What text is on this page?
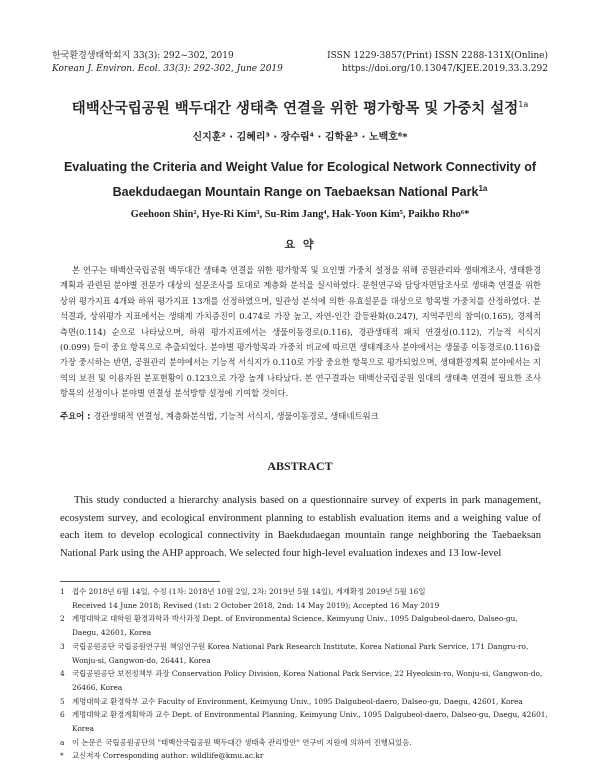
한국환경생태학회지 33(3): 292~302, 2019
Korean J. Environ. Ecol. 33(3): 292-302, June 2019
ISSN 1229-3857(Print) ISSN 2288-131X(Online)
https://doi.org/10.13047/KJEE.2019.33.3.292
태백산국립공원 백두대간 생태축 연결을 위한 평가항목 및 가중치 설정$^{1a}$
신지훈² · 김혜리³ · 장수림⁴ · 김학윤⁵ · 노백호⁶*
Evaluating the Criteria and Weight Value for Ecological Network Connectivity of
Baekdudaegan Mountain Range on Taebaeksan National Park$^{1a}$
Geehoon Shin², Hye-Ri Kim³, Su-Rim Jang⁴, Hak-Yoon Kim⁵, Paikho Rho⁶*
요 약

본 연구는 태백산국립공원 백두대간 생태축 연결을 위한 평가항목 및 요인별 가중치 설정을 위해 공원관리와 생태계조사, 생태환경계획과 관련된 분야별 전문가 대상의 설문조사를 토대로 계층화 분석을 실시하였다. 문헌연구와 담당자면담조사로 생태축 연결을 위한 상위 평가지표 4개와 하위 평가지표 13개를 선정하였으며, 일관성 분석에 의한 유효설문을 대상으로 항목별 가중치를 산정하였다. 분석결과, 상위평가 지표에서는 생태계 가치증진이 0.474로 가장 높고, 자연-인간 갈등완화(0.247), 지역주민의 참여(0.165), 경제적 측면(0.114) 순으로 나타났으며, 하위 평가지표에서는 생물이동경로(0.116), 경관생태적 패치 연결성(0.112), 기능적 서식지(0.099) 등이 중요 항목으로 추출되었다. 분야별 평가항목과 가중치 비교에 따르면 생태계조사 분야에서는 생물종 이동경로(0.116)을 가장 중시하는 반면, 공원관리 분야에서는 기능적 서식지가 0.110로 가장 중요한 항목으로 평가되었으며, 생태환경계획 분야에서는 지역의 보전 및 이용자원 분포현황이 0.123으로 가장 높게 나타났다. 본 연구결과는 태백산국립공원 일대의 생태축 연결에 필요한 조사항목의 선정이나 분야별 연결성 분석방향 설정에 기여할 것이다.

주요어 : 경관생태적 연결성, 계층화분석법, 기능적 서식지, 생물이동경로, 생태네트워크
ABSTRACT

This study conducted a hierarchy analysis based on a questionnaire survey of experts in park management, ecosystem survey, and ecological environment planning to establish evaluation items and a weighing value of each item to develop ecological connectivity in Baekdudaegan mountain range neighboring the Taebaeksan National Park using the AHP approach. We selected four high-level evaluation indexes and 13 low-level

1 접수 2018년 6월 14일, 수정 (1차: 2018년 10월 2일, 2차: 2019년 5월 14일), 게재확정 2019년 5월 16일
Received 14 June 2018; Revised (1st: 2 October 2018, 2nd: 14 May 2019); Accepted 16 May 2019
2 계명대학교 대학원 환경과학과 박사과정 Dept. of Environmental Science, Keimyung Univ., 1095 Dalgubeol-daero, Dalseo-gu,
Daegu, 42601, Korea
3 국립공원공단 국립공원연구원 책임연구원 Korea National Park Research Institute, Korea National Park Service, 171 Dangru-ro,
Wonju-si, Gangwon-do, 26441, Korea
4 국립공원공단 보전정책부 과장 Conservation Policy Division, Korea National Park Service, 22 Hyeoksin-ro, Wonju-si, Gangwon-do,
26466, Korea
5 계명대학교 환경학부 교수 Faculty of Environment, Keimyung Univ., 1095 Dalgubeol-daero, Dalseo-gu, Daegu, 42601, Korea
6 계명대학교 환경계획학과 교수 Dept. of Environmental Planning, Keimyung Univ., 1095 Dalgubeol-daero, Dalseo-gu, Daegu, 42601, Korea
a	이 논문은 국립공원공단의 "태백산국립공원 백두대간 생태축 관리방안" 연구비 지원에 의하여 진행되었음.
*	교신저자 Corresponding author: wildlife@kmu.ac.kr
